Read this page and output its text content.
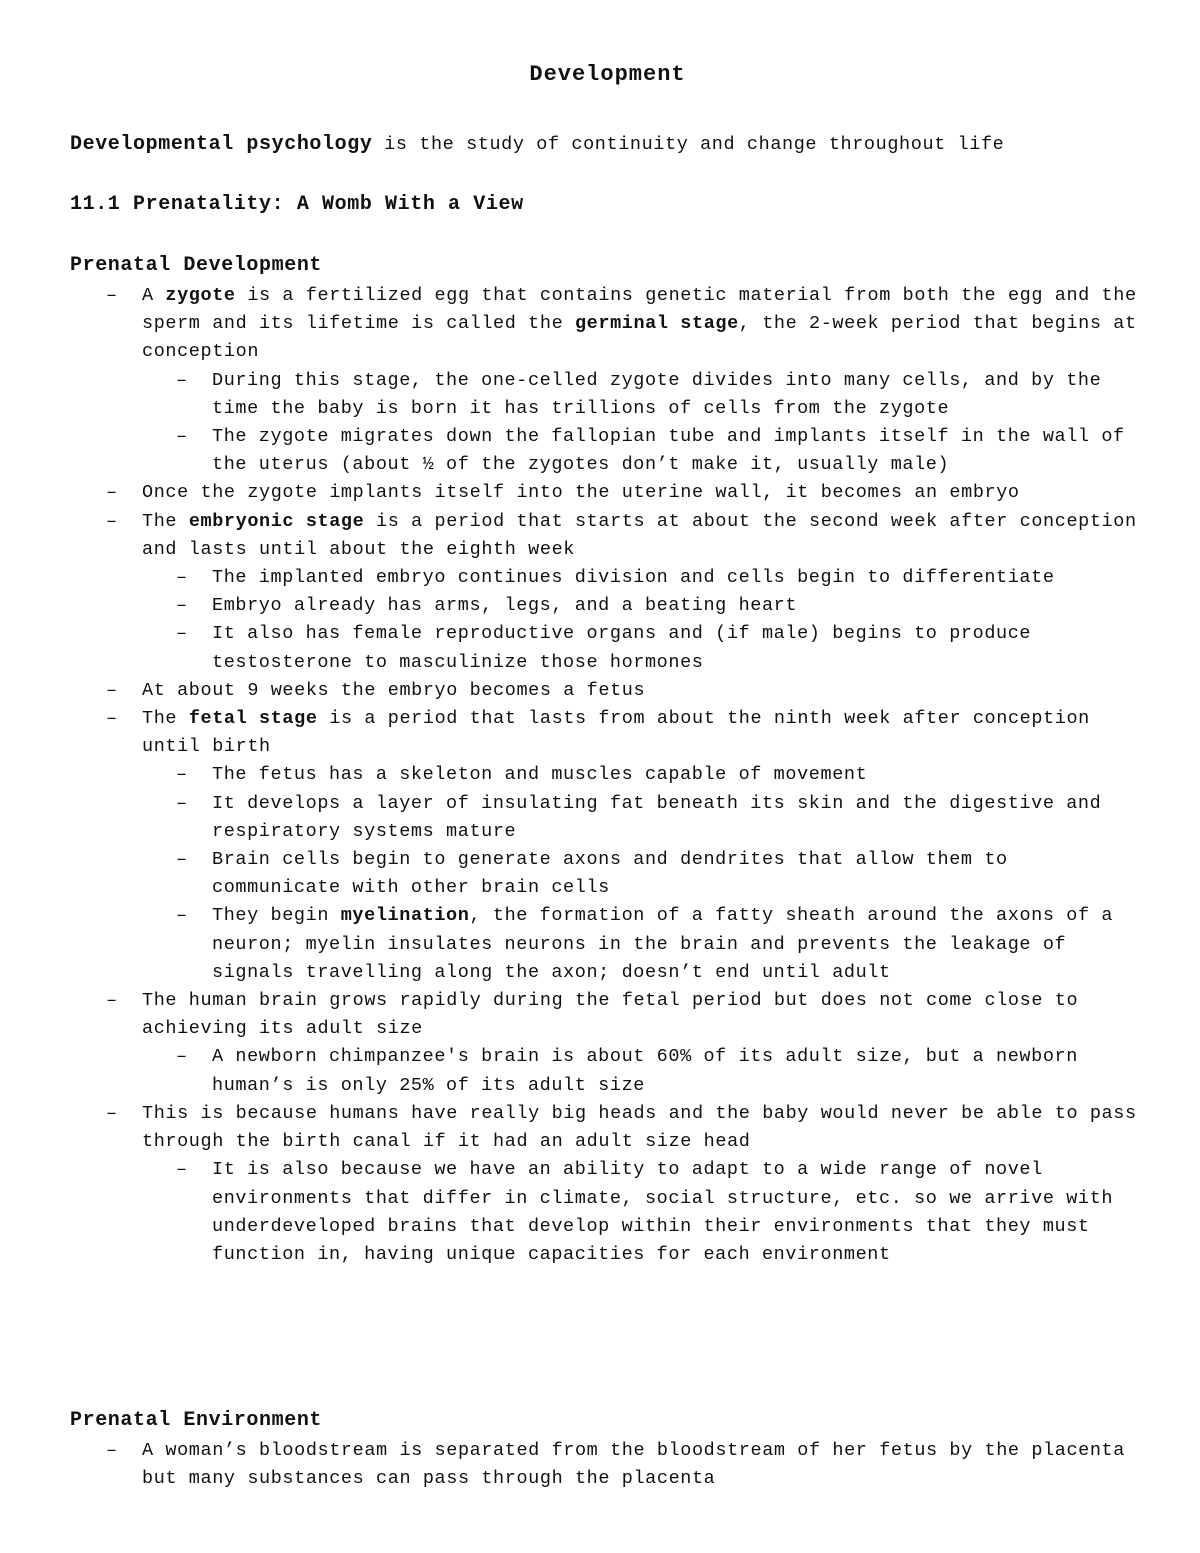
Development

Developmental psychology is the study of continuity and change throughout life

11.1 Prenatality: A Womb With a View
Prenatal Development
– A zygote is a fertilized egg that contains genetic material from both the egg and the sperm and its lifetime is called the germinal stage, the 2-week period that begins at conception
– During this stage, the one-celled zygote divides into many cells, and by the time the baby is born it has trillions of cells from the zygote
– The zygote migrates down the fallopian tube and implants itself in the wall of the uterus (about ½ of the zygotes don’t make it, usually male)
– Once the zygote implants itself into the uterine wall, it becomes an embryo
– The embryonic stage is a period that starts at about the second week after conception and lasts until about the eighth week
– The implanted embryo continues division and cells begin to differentiate
– Embryo already has arms, legs, and a beating heart
– It also has female reproductive organs and (if male) begins to produce testosterone to masculinize those hormones
– At about 9 weeks the embryo becomes a fetus
– The fetal stage is a period that lasts from about the ninth week after conception until birth
– The fetus has a skeleton and muscles capable of movement
– It develops a layer of insulating fat beneath its skin and the digestive and respiratory systems mature
– Brain cells begin to generate axons and dendrites that allow them to communicate with other brain cells
– They begin myelination, the formation of a fatty sheath around the axons of a neuron; myelin insulates neurons in the brain and prevents the leakage of signals travelling along the axon; doesn’t end until adult
– The human brain grows rapidly during the fetal period but does not come close to achieving its adult size
– A newborn chimpanzee's brain is about 60% of its adult size, but a newborn human’s is only 25% of its adult size
– This is because humans have really big heads and the baby would never be able to pass through the birth canal if it had an adult size head
– It is also because we have an ability to adapt to a wide range of novel environments that differ in climate, social structure, etc. so we arrive with underdeveloped brains that develop within their environments that they must function in, having unique capacities for each environment
Prenatal Environment
– A woman’s bloodstream is separated from the bloodstream of her fetus by the placenta but many substances can pass through the placenta
